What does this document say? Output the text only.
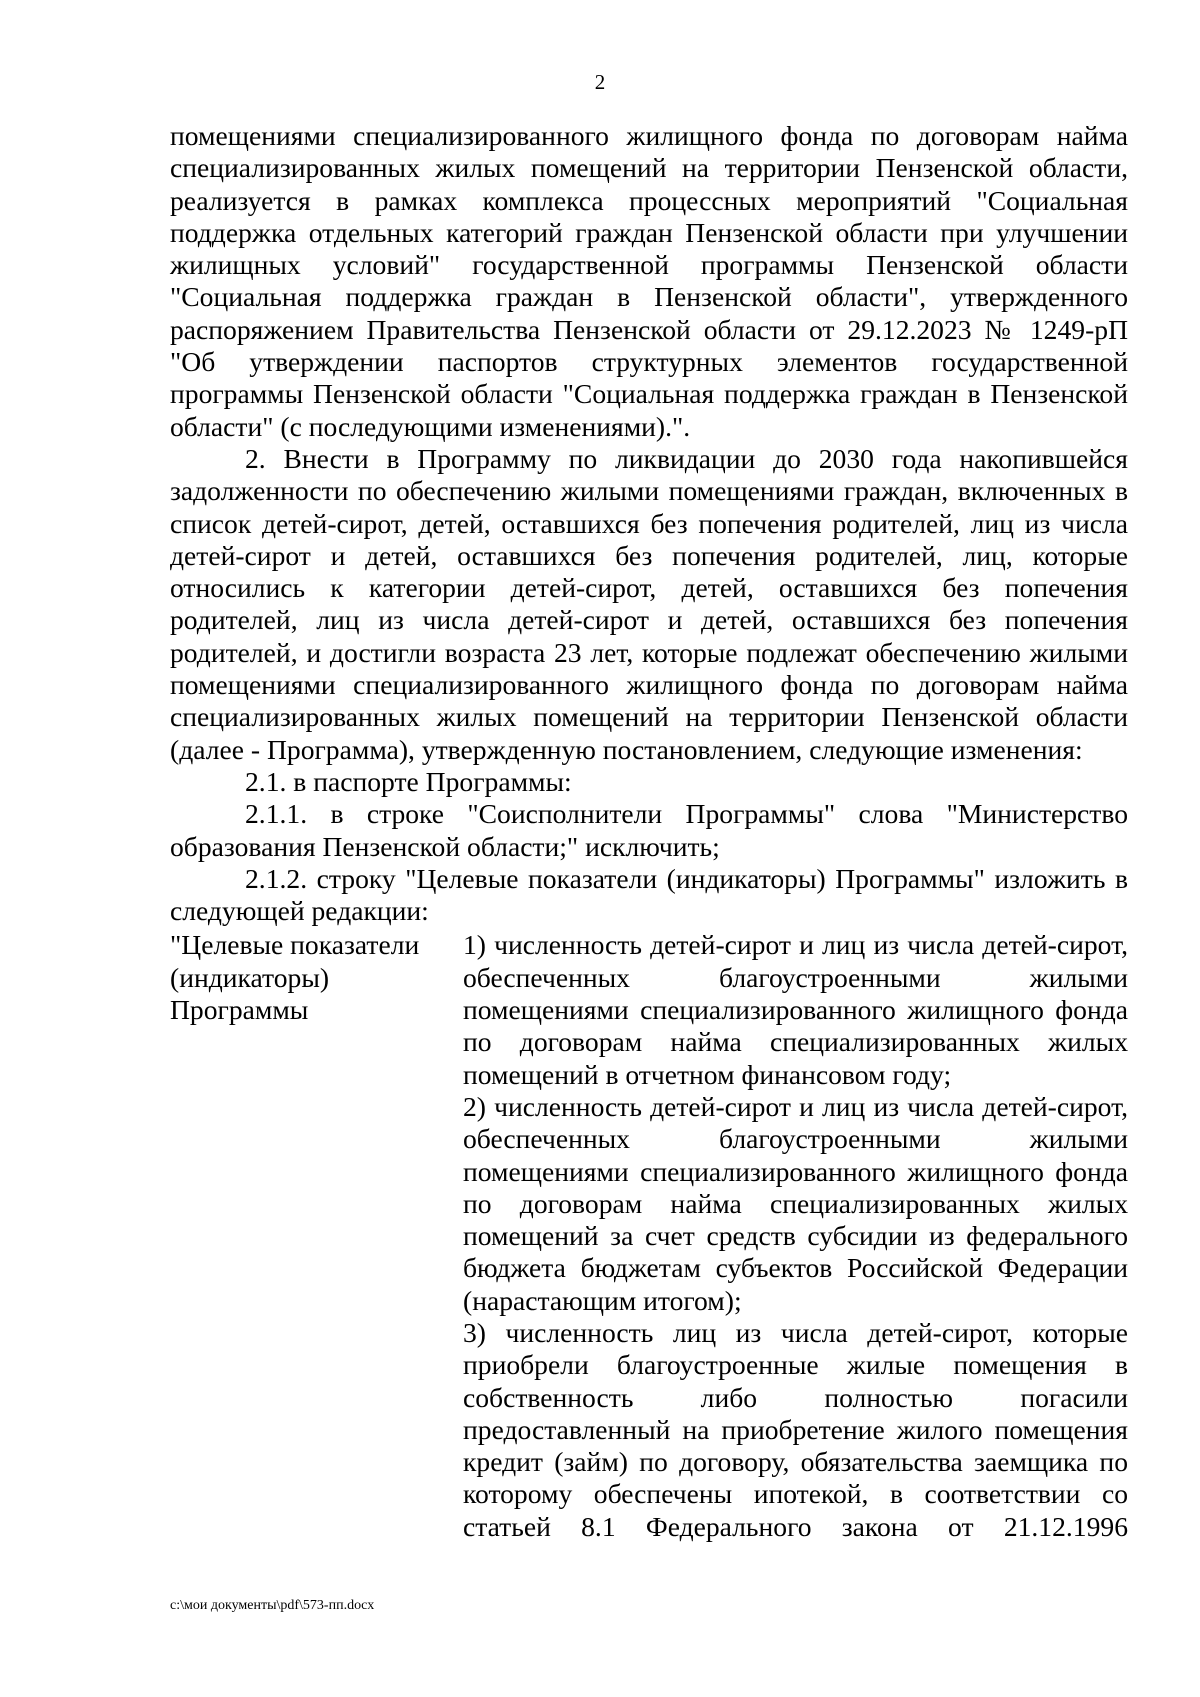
2

помещениями специализированного жилищного фонда по договорам найма специализированных жилых помещений на территории Пензенской области, реализуется в рамках комплекса процессных мероприятий "Социальная поддержка отдельных категорий граждан Пензенской области при улучшении жилищных условий" государственной программы Пензенской области "Социальная поддержка граждан в Пензенской области", утвержденного распоряжением Правительства Пензенской области от 29.12.2023 № 1249-рП "Об утверждении паспортов структурных элементов государственной программы Пензенской области "Социальная поддержка граждан в Пензенской области" (с последующими изменениями).".

2. Внести в Программу по ликвидации до 2030 года накопившейся задолженности по обеспечению жилыми помещениями граждан, включенных в список детей-сирот, детей, оставшихся без попечения родителей, лиц из числа детей-сирот и детей, оставшихся без попечения родителей, лиц, которые относились к категории детей-сирот, детей, оставшихся без попечения родителей, лиц из числа детей-сирот и детей, оставшихся без попечения родителей, и достигли возраста 23 лет, которые подлежат обеспечению жилыми помещениями специализированного жилищного фонда по договорам найма специализированных жилых помещений на территории Пензенской области (далее - Программа), утвержденную постановлением, следующие изменения:

2.1. в паспорте Программы:

2.1.1. в строке "Соисполнители Программы" слова "Министерство образования Пензенской области;" исключить;

2.1.2. строку "Целевые показатели (индикаторы) Программы" изложить в следующей редакции:

"Целевые показатели (индикаторы) Программы

1) численность детей-сирот и лиц из числа детей-сирот, обеспеченных благоустроенными жилыми помещениями специализированного жилищного фонда по договорам найма специализированных жилых помещений в отчетном финансовом году;

2) численность детей-сирот и лиц из числа детей-сирот, обеспеченных благоустроенными жилыми помещениями специализированного жилищного фонда по договорам найма специализированных жилых помещений за счет средств субсидии из федерального бюджета бюджетам субъектов Российской Федерации (нарастающим итогом);

3) численность лиц из числа детей-сирот, которые приобрели благоустроенные жилые помещения в собственность либо полностью погасили предоставленный на приобретение жилого помещения кредит (займ) по договору, обязательства заемщика по которому обеспечены ипотекой, в соответствии со статьей 8.1 Федерального закона от 21.12.1996

c:\мои документы\pdf\573-пп.docx
